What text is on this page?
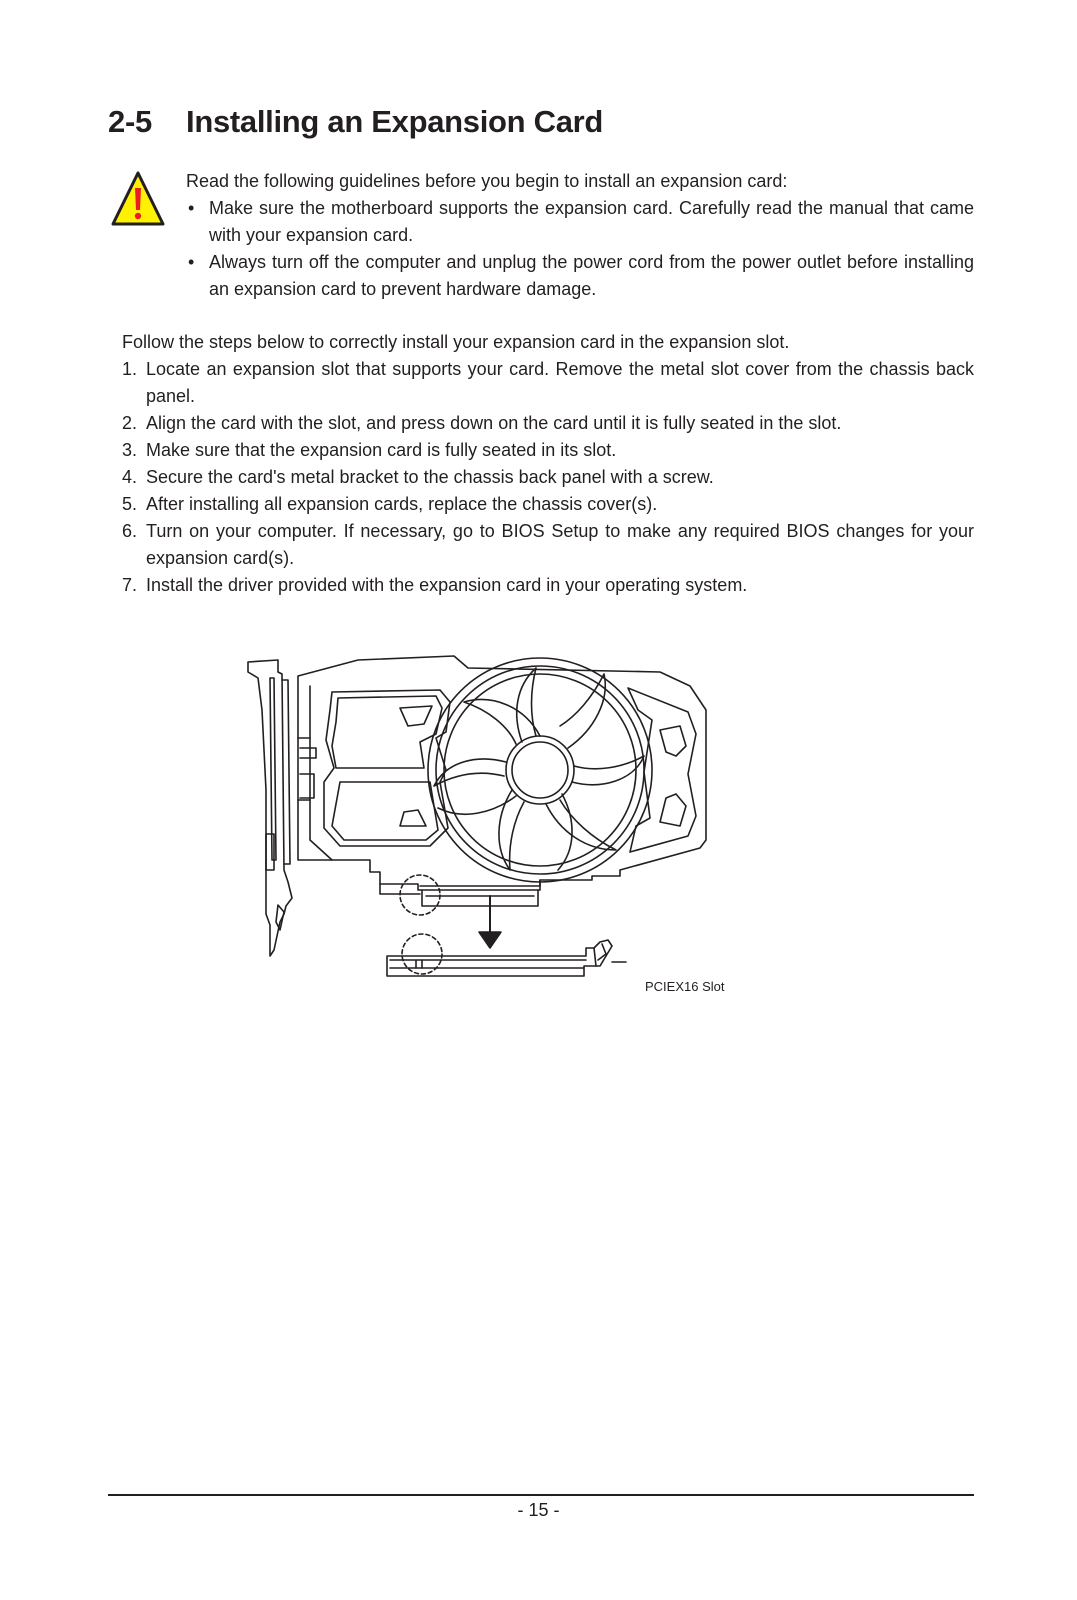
2-5 Installing an Expansion Card

Read the following guidelines before you begin to install an expansion card:

• Make sure the motherboard supports the expansion card. Carefully read the manual that came with your expansion card.
• Always turn off the computer and unplug the power cord from the power outlet before installing an expansion card to prevent hardware damage.

Follow the steps below to correctly install your expansion card in the expansion slot.

1. Locate an expansion slot that supports your card. Remove the metal slot cover from the chassis back panel.
2. Align the card with the slot, and press down on the card until it is fully seated in the slot.
3. Make sure that the expansion card is fully seated in its slot.
4. Secure the card's metal bracket to the chassis back panel with a screw.
5. After installing all expansion cards, replace the chassis cover(s).
6. Turn on your computer. If necessary, go to BIOS Setup to make any required BIOS changes for your expansion card(s).
7. Install the driver provided with the expansion card in your operating system.
PCIEX16 Slot
- 15 -
